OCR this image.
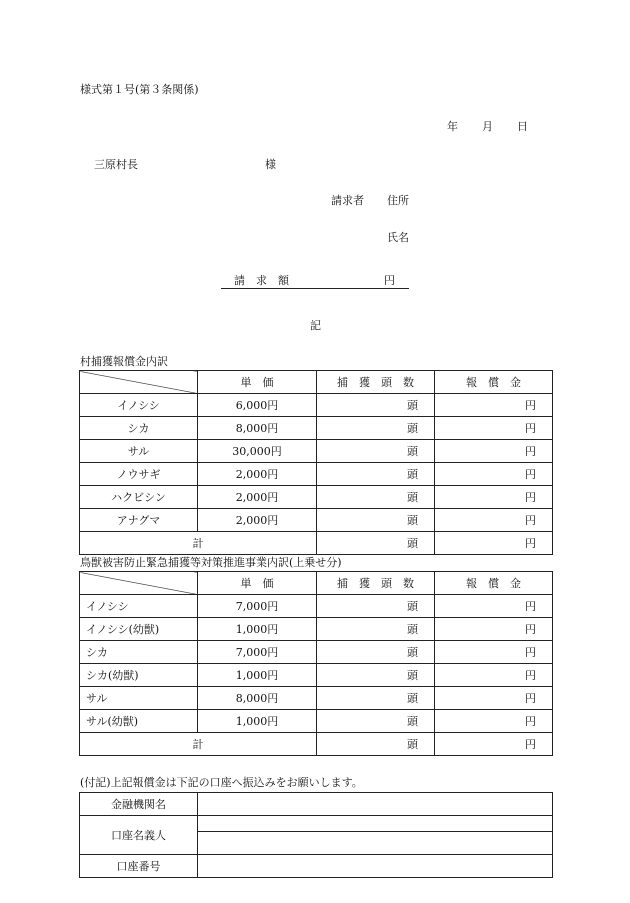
様式第１号(第３条関係)
年 月 日
三原村長	様
請求者 住所
氏名
請　求　額	円
記
村捕獲報償金内訳
	単　価	捕　獲　頭　数	報　償　金
イノシシ	6,000円	頭	円
シカ	8,000円	頭	円
サル	30,000円	頭	円
ノウサギ	2,000円	頭	円
ハクビシン	2,000円	頭	円
アナグマ	2,000円	頭	円
計		頭	円
鳥獣被害防止緊急捕獲等対策推進事業内訳(上乗せ分)
	単　価	捕　獲　頭　数	報　償　金
イノシシ	7,000円	頭	円
イノシシ(幼獣)	1,000円	頭	円
シカ	7,000円	頭	円
シカ(幼獣)	1,000円	頭	円
サル	8,000円	頭	円
サル(幼獣)	1,000円	頭	円
計		頭	円
(付記)上記報償金は下記の口座へ振込みをお願いします。
金融機関名	
口座名義人	

口座番号	
